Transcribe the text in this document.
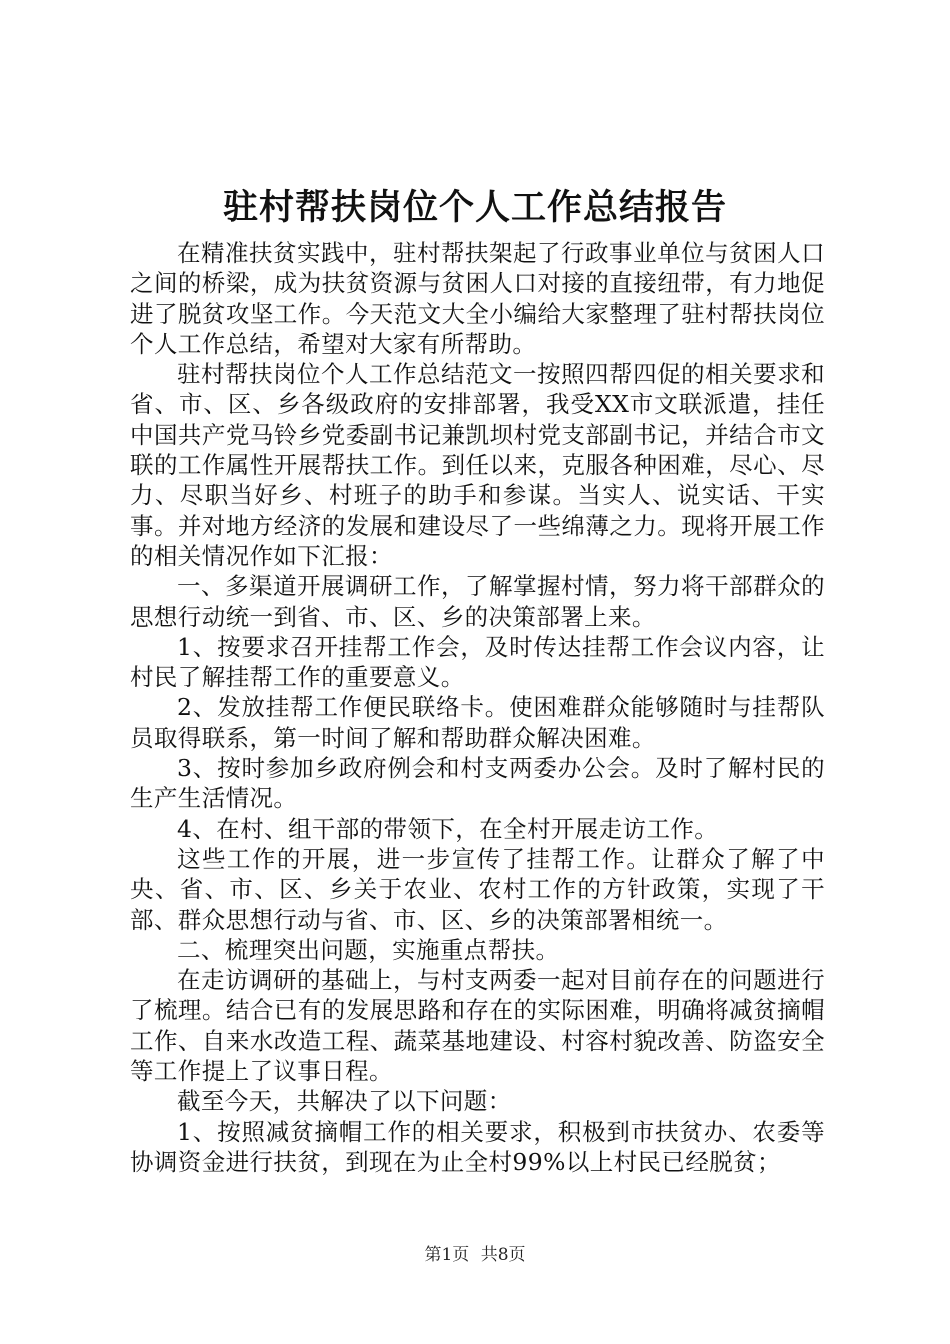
驻村帮扶岗位个人工作总结报告

在精准扶贫实践中，驻村帮扶架起了行政事业单位与贫困人口之间的桥梁，成为扶贫资源与贫困人口对接的直接纽带，有力地促进了脱贫攻坚工作。今天范文大全小编给大家整理了驻村帮扶岗位个人工作总结，希望对大家有所帮助。

驻村帮扶岗位个人工作总结范文一按照四帮四促的相关要求和省、市、区、乡各级政府的安排部署，我受XX市文联派遣，挂任中国共产党马铃乡党委副书记兼凯坝村党支部副书记，并结合市文联的工作属性开展帮扶工作。到任以来，克服各种困难，尽心、尽力、尽职当好乡、村班子的助手和参谋。当实人、说实话、干实事。并对地方经济的发展和建设尽了一些绵薄之力。现将开展工作的相关情况作如下汇报：

一、多渠道开展调研工作，了解掌握村情，努力将干部群众的思想行动统一到省、市、区、乡的决策部署上来。

1、按要求召开挂帮工作会，及时传达挂帮工作会议内容，让村民了解挂帮工作的重要意义。

2、发放挂帮工作便民联络卡。使困难群众能够随时与挂帮队员取得联系，第一时间了解和帮助群众解决困难。

3、按时参加乡政府例会和村支两委办公会。及时了解村民的生产生活情况。

4、在村、组干部的带领下，在全村开展走访工作。

这些工作的开展，进一步宣传了挂帮工作。让群众了解了中央、省、市、区、乡关于农业、农村工作的方针政策，实现了干部、群众思想行动与省、市、区、乡的决策部署相统一。

二、梳理突出问题，实施重点帮扶。

在走访调研的基础上，与村支两委一起对目前存在的问题进行了梳理。结合已有的发展思路和存在的实际困难，明确将减贫摘帽工作、自来水改造工程、蔬菜基地建设、村容村貌改善、防盗安全等工作提上了议事日程。

截至今天，共解决了以下问题：

1、按照减贫摘帽工作的相关要求，积极到市扶贫办、农委等协调资金进行扶贫，到现在为止全村99%以上村民已经脱贫；

第1页 共8页
